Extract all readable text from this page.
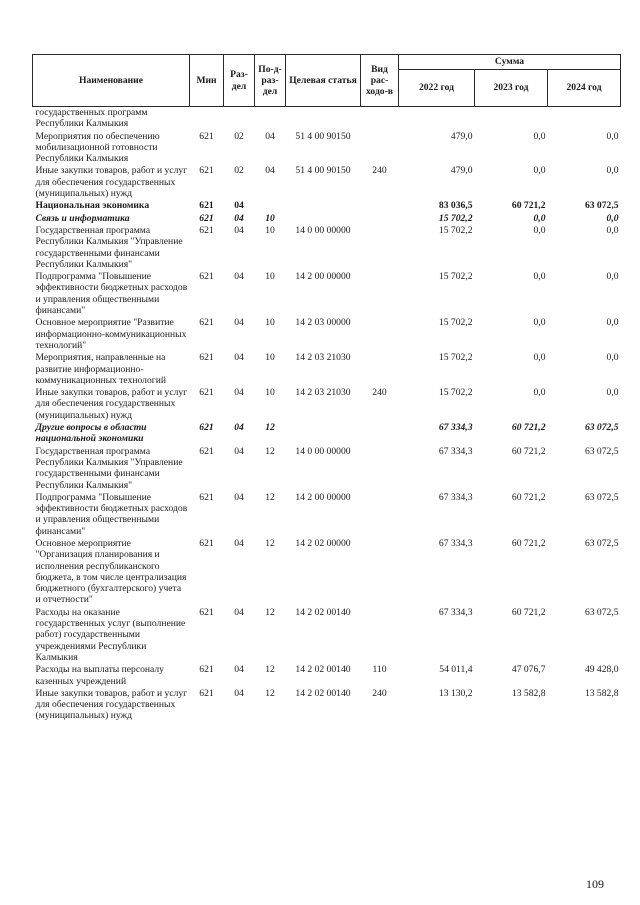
Наименование	Мин	Раз-дел	По-д-раз-дел	Целевая статья	Вид рас-ходо-в	Сумма		
						2022 год	2023 год	2024 год
государственных программ Республики Калмыкия								
Мероприятия по обеспечению мобилизационной готовности Республики Калмыкия	621	02	04	51 4 00 90150		479,0	0,0	0,0
Иные закупки товаров, работ и услуг для обеспечения государственных (муниципальных) нужд	621	02	04	51 4 00 90150	240	479,0	0,0	0,0
Национальная экономика	621	04				83 036,5	60 721,2	63 072,5
Связь и информатика	621	04	10			15 702,2	0,0	0,0
Государственная программа Республики Калмыкия "Управление государственными финансами Республики Калмыкия"	621	04	10	14 0 00 00000		15 702,2	0,0	0,0
Подпрограмма "Повышение эффективности бюджетных расходов и управления общественными финансами"	621	04	10	14 2 00 00000		15 702,2	0,0	0,0
Основное мероприятие "Развитие информационно-коммуникационных технологий"	621	04	10	14 2 03 00000		15 702,2	0,0	0,0
Мероприятия, направленные на развитие информационно-коммуникационных технологий	621	04	10	14 2 03 21030		15 702,2	0,0	0,0
Иные закупки товаров, работ и услуг для обеспечения государственных (муниципальных) нужд	621	04	10	14 2 03 21030	240	15 702,2	0,0	0,0
Другие вопросы в области национальной экономики	621	04	12			67 334,3	60 721,2	63 072,5
Государственная программа Республики Калмыкия "Управление государственными финансами Республики Калмыкия"	621	04	12	14 0 00 00000		67 334,3	60 721,2	63 072,5
Подпрограмма "Повышение эффективности бюджетных расходов и управления общественными финансами"	621	04	12	14 2 00 00000		67 334,3	60 721,2	63 072,5
Основное мероприятие "Организация планирования и исполнения республиканского бюджета, в том числе централизация бюджетного (бухгалтерского) учета и отчетности"	621	04	12	14 2 02 00000		67 334,3	60 721,2	63 072,5
Расходы на оказание государственных услуг (выполнение работ) государственными учреждениями Республики Калмыкия	621	04	12	14 2 02 00140		67 334,3	60 721,2	63 072,5
Расходы на выплаты персоналу казенных учреждений	621	04	12	14 2 02 00140	110	54 011,4	47 076,7	49 428,0
Иные закупки товаров, работ и услуг для обеспечения государственных (муниципальных) нужд	621	04	12	14 2 02 00140	240	13 130,2	13 582,8	13 582,8
109
